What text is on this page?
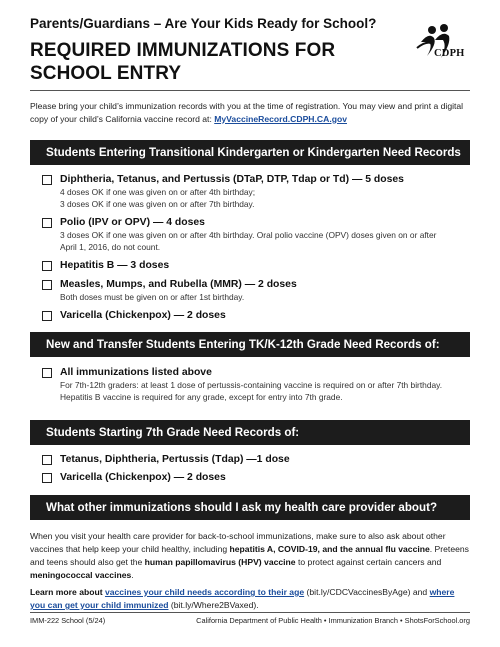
Parents/Guardians – Are Your Kids Ready for School?
REQUIRED IMMUNIZATIONS FOR
SCHOOL ENTRY
CDPH
Please bring your child’s immunization records with you at the time of registration. You may view and print a digital copy of your child’s California vaccine record at: MyVaccineRecord.CDPH.CA.gov
Students Entering Transitional Kindergarten or Kindergarten Need Records of: Diphtheria, Tetanus, and Pertussis (DTaP, DTP, Tdap or Td) — 5 doses
4 doses OK if one was given on or after 4th birthday;
3 doses OK if one was given on or after 7th birthday.
Polio (IPV or OPV) — 4 doses
3 doses OK if one was given on or after 4th birthday. Oral polio vaccine (OPV) doses given on or after
April 1, 2016, do not count.
Hepatitis B — 3 doses
Measles, Mumps, and Rubella (MMR) — 2 doses
Both doses must be given on or after 1st birthday.
Varicella (Chickenpox) — 2 doses
New and Transfer Students Entering TK/K-12th Grade Need Records of:
All immunizations listed above
For 7th-12th graders: at least 1 dose of pertussis-containing vaccine is required on or after 7th birthday.
Hepatitis B vaccine is required for any grade, except for entry into 7th grade.
Students Starting 7th Grade Need Records of:
Tetanus, Diphtheria, Pertussis (Tdap) —1 dose
Varicella (Chickenpox) — 2 doses
What other immunizations should I ask my health care provider about?
When you visit your health care provider for back-to-school immunizations, make sure to also ask about other vaccines that help keep your child healthy, including hepatitis A, COVID-19, and the annual flu vaccine. Preteens and teens should also get the human papillomavirus (HPV) vaccine to protect against certain cancers and meningococcal vaccines.
Learn more about vaccines your child needs according to their age (bit.ly/CDCVaccinesByAge) and where you can get your child immunized (bit.ly/Where2BVaxed).
IMM-222 School (5/24)	California Department of Public Health • Immunization Branch • ShotsForSchool.org
